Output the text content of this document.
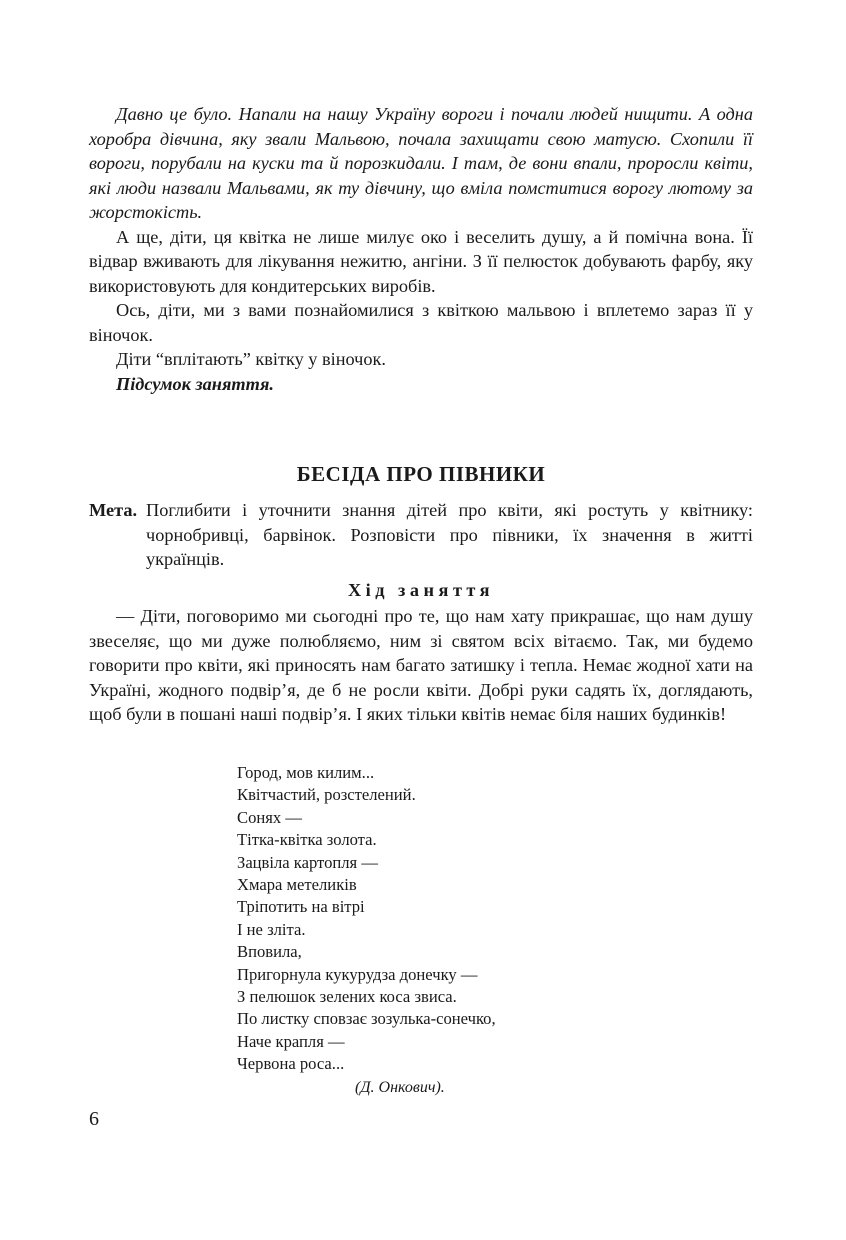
Давно це було. Напали на нашу Україну вороги і почали людей нищити. А одна хоробра дівчина, яку звали Мальвою, почала захищати свою матусю. Схопили її вороги, порубали на куски та й порозкидали. І там, де вони впали, проросли квіти, які люди назвали Мальвами, як ту дівчину, що вміла помститися ворогу лютому за жорстокість.

А ще, діти, ця квітка не лише милує око і веселить душу, а й помічна вона. Її відвар вживають для лікування нежитю, ангіни. З її пелюсток добувають фарбу, яку використовують для кондитерських виробів.

Ось, діти, ми з вами познайомилися з квіткою мальвою і вплетемо зараз її у віночок.

Діти “вплітають” квітку у віночок.

Підсумок заняття.

БЕСІДА ПРО ПІВНИКИ
Мета. Поглибити і уточнити знання дітей про квіти, які ростуть у квітнику: чорнобривці, барвінок. Розповісти про півники, їх значення в житті українців.
Хід заняття

— Діти, поговоримо ми сьогодні про те, що нам хату прикрашає, що нам душу звеселяє, що ми дуже полюбляємо, ним зі святом всіх вітаємо. Так, ми будемо говорити про квіти, які приносять нам багато затишку і тепла. Немає жодної хати на Україні, жодного подвір’я, де б не росли квіти. Добрі руки садять їх, доглядають, щоб були в пошані наші подвір’я. І яких тільки квітів немає біля наших будинків!

Город, мов килим...
Квітчастий, розстелений.
Сонях —
Тітка-квітка золота.
Зацвіла картопля —
Хмара метеликів
Тріпотить на вітрі
І не зліта.
Вповила,
Пригорнула кукурудза донечку —
З пелюшок зелених коса звиса.
По листку сповзає зозулька-сонечко,
Наче крапля —
Червона роса...
(Д. Онкович).
6
